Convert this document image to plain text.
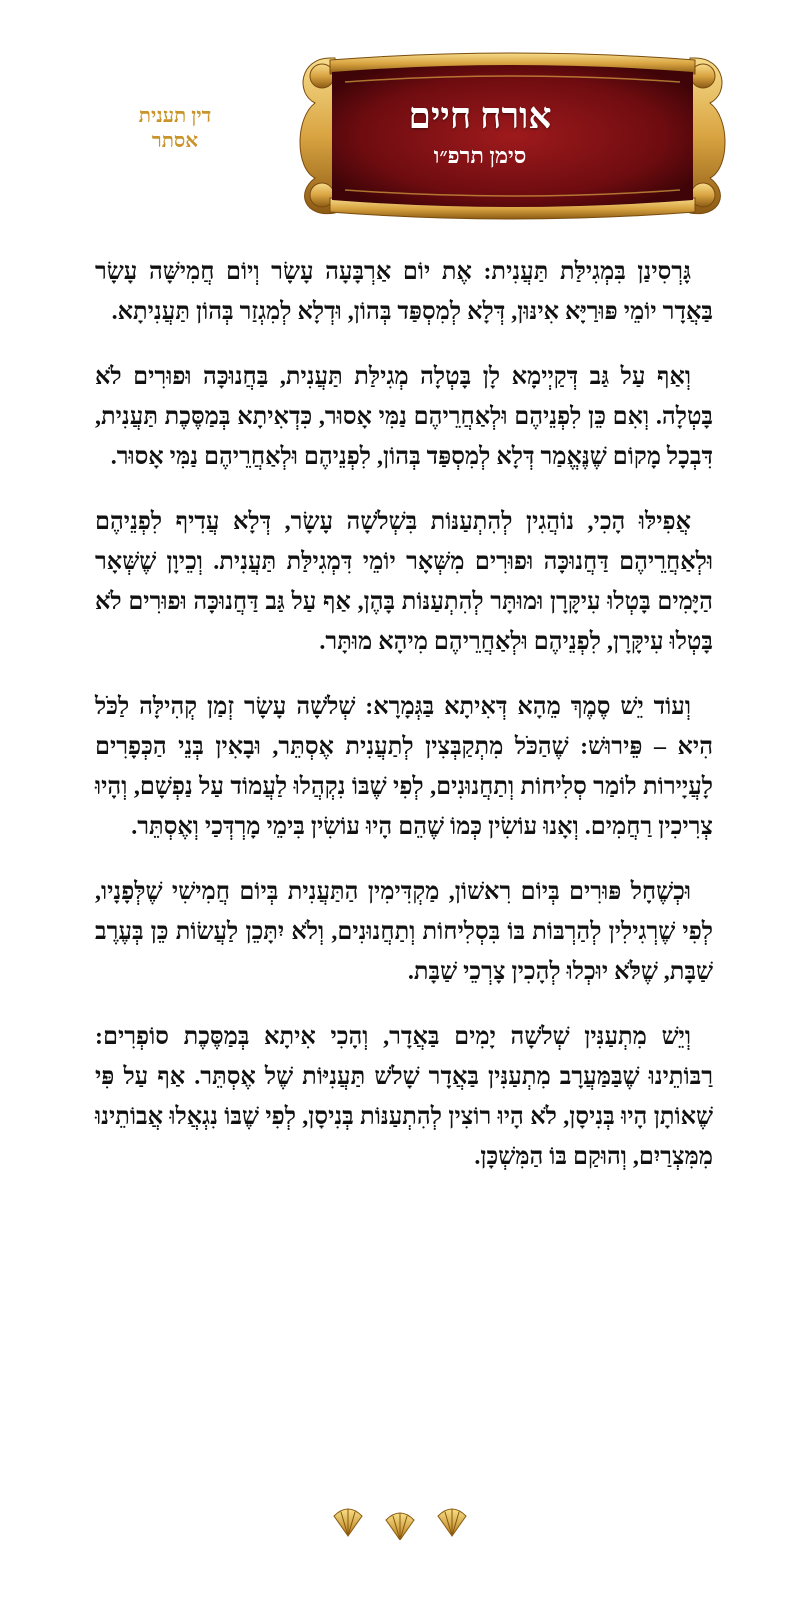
אורח חיים
סימן תרפ״ו
דין תענית
אסתר

גָּרְסִינַן בִּמְגִילַּת תַּעֲנִית: אֶת יוֹם אַרְבָּעָה עָשָׂר וְיוֹם חֲמִישָּׁה עָשָׂר בַּאֲדָר יוֹמֵי פּוּרַיָּא אִינּוּן, דְּלָא לְמִסְפַּד בְּהוֹן, וּדְלָא לְמִגְזַר בְּהוֹן תַּעֲנִיתָא.

וְאַף עַל גַּב דְּקַיְימָא לָן בָּטְלָה מְגִילַּת תַּעֲנִית, בַּחֲנוּכָּה וּפוּרִים לֹא בָּטְלָה. וְאִם כֵּן לִפְנֵיהֶם וּלְאַחֲרֵיהֶם נַמִּי אָסוּר, כִּדְאִיתָא בְּמַסֶּכֶת תַּעֲנִית, דִּבְכָל מָקוֹם שֶׁנֶּאֱמַר דְּלָא לְמִסְפַּד בְּהוֹן, לִפְנֵיהֶם וּלְאַחֲרֵיהֶם נַמִּי אָסוּר.

אֲפִילּוּ הָכִי, נוֹהֲגִין לְהִתְעַנּוֹת בִּשְׁלֹשָׁה עָשָׂר, דְּלָא עֲדִיף לִפְנֵיהֶם וּלְאַחֲרֵיהֶם דַּחֲנוּכָּה וּפוּרִים מִשְּׁאָר יוֹמֵי דִּמְגִילַּת תַּעֲנִית. וְכֵיוָן שֶׁשְּׁאָר הַיָּמִים בָּטְלוּ עִיקָּרָן וּמוּתָּר לְהִתְעַנּוֹת בָּהֶן, אַף עַל גַּב דַּחֲנוּכָּה וּפוּרִים לֹא בָּטְלוּ עִיקָּרָן, לִפְנֵיהֶם וּלְאַחֲרֵיהֶם מִיהָא מוּתָּר.

וְעוֹד יֵשׁ סֶמֶךְ מֵהָא דְּאִיתָא בַּגְּמָרָא: שְׁלֹשָׁה עָשָׂר זְמַן קְהִילָּה לַכֹּל הִיא – פֵּירוּשׁ: שֶׁהַכֹּל מִתְקַבְּצִין לְתַעֲנִית אֶסְתֵּר, וּבָאִין בְּנֵי הַכְּפָרִים לָעֲיָירוֹת לוֹמַר סְלִיחוֹת וְתַחֲנוּנִים, לְפִי שֶׁבּוֹ נִקְהֲלוּ לַעֲמוֹד עַל נַפְשָׁם, וְהָיוּ צְרִיכִין רַחֲמִים. וְאָנוּ עוֹשִׂין כְּמוֹ שֶׁהֵם הָיוּ עוֹשִׂין בִּימֵי מָרְדְּכַי וְאֶסְתֵּר.

וּכְשֶׁחָל פּוּרִים בְּיוֹם רִאשׁוֹן, מַקְדִּימִין הַתַּעֲנִית בְּיוֹם חֲמִישִׁי שֶׁלְּפָנָיו, לְפִי שֶׁרְגִילִין לְהַרְבּוֹת בּוֹ בִּסְלִיחוֹת וְתַחֲנוּנִים, וְלֹא יִתָּכֵן לַעֲשׂוֹת כֵּן בְּעֶרֶב שַׁבָּת, שֶׁלֹּא יוּכְלוּ לְהָכִין צָרְכֵי שַׁבָּת.

וְיֵשׁ מִתְעַנִּין שְׁלֹשָׁה יָמִים בַּאֲדָר, וְהָכִי אִיתָא בְּמַסֶּכֶת סוֹפְרִים: רַבּוֹתֵינוּ שֶׁבַּמַּעֲרָב מִתְעַנִּין בַּאֲדָר שָׁלֹשׁ תַּעֲנִיּוֹת שֶׁל אֶסְתֵּר. אַף עַל פִּי שֶׁאוֹתָן הָיוּ בְּנִיסָן, לֹא הָיוּ רוֹצִין לְהִתְעַנּוֹת בְּנִיסָן, לְפִי שֶׁבּוֹ נִגְאֲלוּ אֲבוֹתֵינוּ מִמִּצְרַיִם, וְהוּקַם בּוֹ הַמִּשְׁכָּן.
